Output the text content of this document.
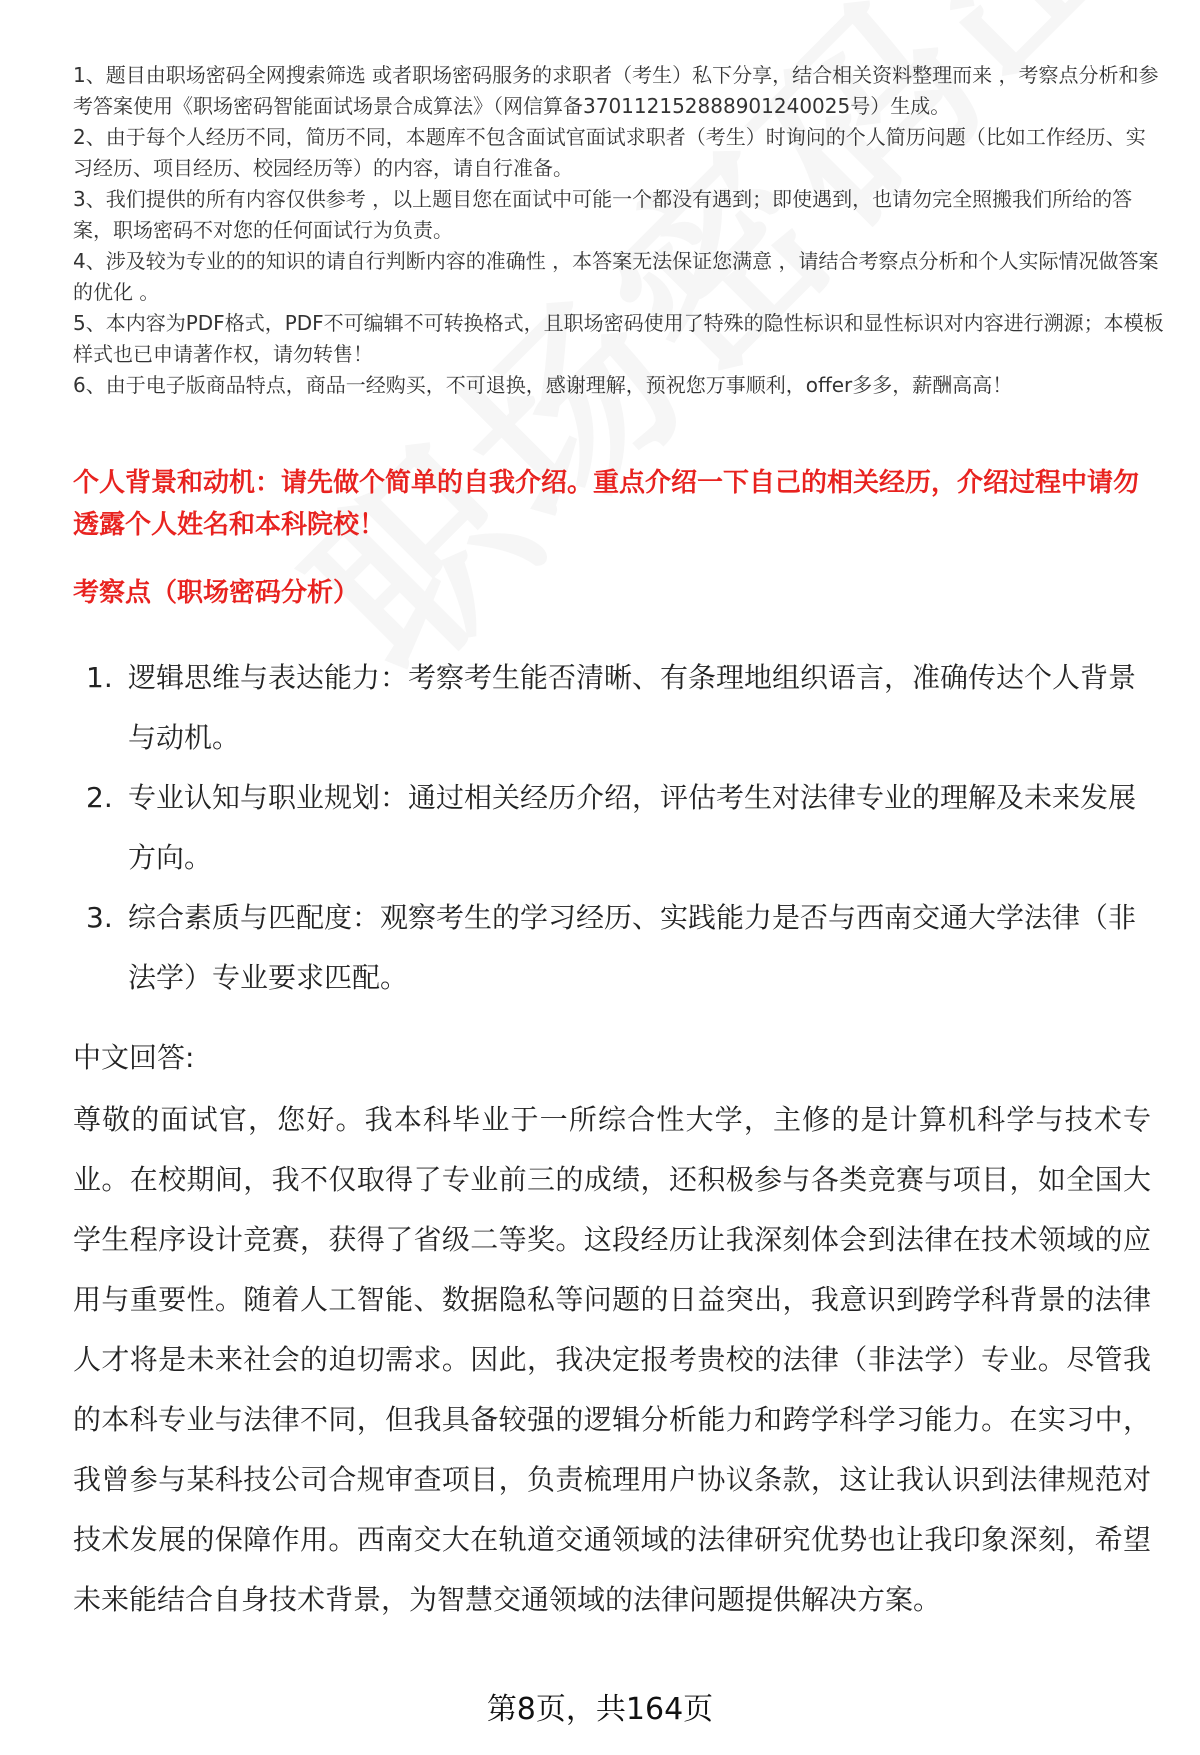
1、题目由职场密码全网搜索筛选 或者职场密码服务的求职者（考生）私下分享，结合相关资料整理而来 ，考察点分析和参考答案使用《职场密码智能面试场景合成算法》（网信算备370112152888901240025号）生成。

2、由于每个人经历不同，简历不同，本题库不包含面试官面试求职者（考生）时询问的个人简历问题（比如工作经历、实习经历、项目经历、校园经历等）的内容，请自行准备。

3、我们提供的所有内容仅供参考 ，以上题目您在面试中可能一个都没有遇到；即使遇到，也请勿完全照搬我们所给的答案，职场密码不对您的任何面试行为负责。

4、涉及较为专业的的知识的请自行判断内容的准确性 ，本答案无法保证您满意 ，请结合考察点分析和个人实际情况做答案的优化 。

5、本内容为PDF格式，PDF不可编辑不可转换格式，且职场密码使用了特殊的隐性标识和显性标识对内容进行溯源；本模板样式也已申请著作权，请勿转售！

6、由于电子版商品特点，商品一经购买，不可退换，感谢理解，预祝您万事顺利，offer多多，薪酬高高！

个人背景和动机：请先做个简单的自我介绍。重点介绍一下自己的相关经历，介绍过程中请勿透露个人姓名和本科院校！
考察点（职场密码分析）
1. 逻辑思维与表达能力：考察考生能否清晰、有条理地组织语言，准确传达个人背景与动机。
2. 专业认知与职业规划：通过相关经历介绍，评估考生对法律专业的理解及未来发展方向。
3. 综合素质与匹配度：观察考生的学习经历、实践能力是否与西南交通大学法律（非法学）专业要求匹配。

中文回答:

尊敬的面试官，您好。我本科毕业于一所综合性大学，主修的是计算机科学与技术专业。在校期间，我不仅取得了专业前三的成绩，还积极参与各类竞赛与项目，如全国大学生程序设计竞赛，获得了省级二等奖。这段经历让我深刻体会到法律在技术领域的应用与重要性。随着人工智能、数据隐私等问题的日益突出，我意识到跨学科背景的法律人才将是未来社会的迫切需求。因此，我决定报考贵校的法律（非法学）专业。尽管我的本科专业与法律不同，但我具备较强的逻辑分析能力和跨学科学习能力。在实习中，我曾参与某科技公司合规审查项目，负责梳理用户协议条款，这让我认识到法律规范对技术发展的保障作用。西南交大在轨道交通领域的法律研究优势也让我印象深刻，希望未来能结合自身技术背景，为智慧交通领域的法律问题提供解决方案。

第8页，共164页
